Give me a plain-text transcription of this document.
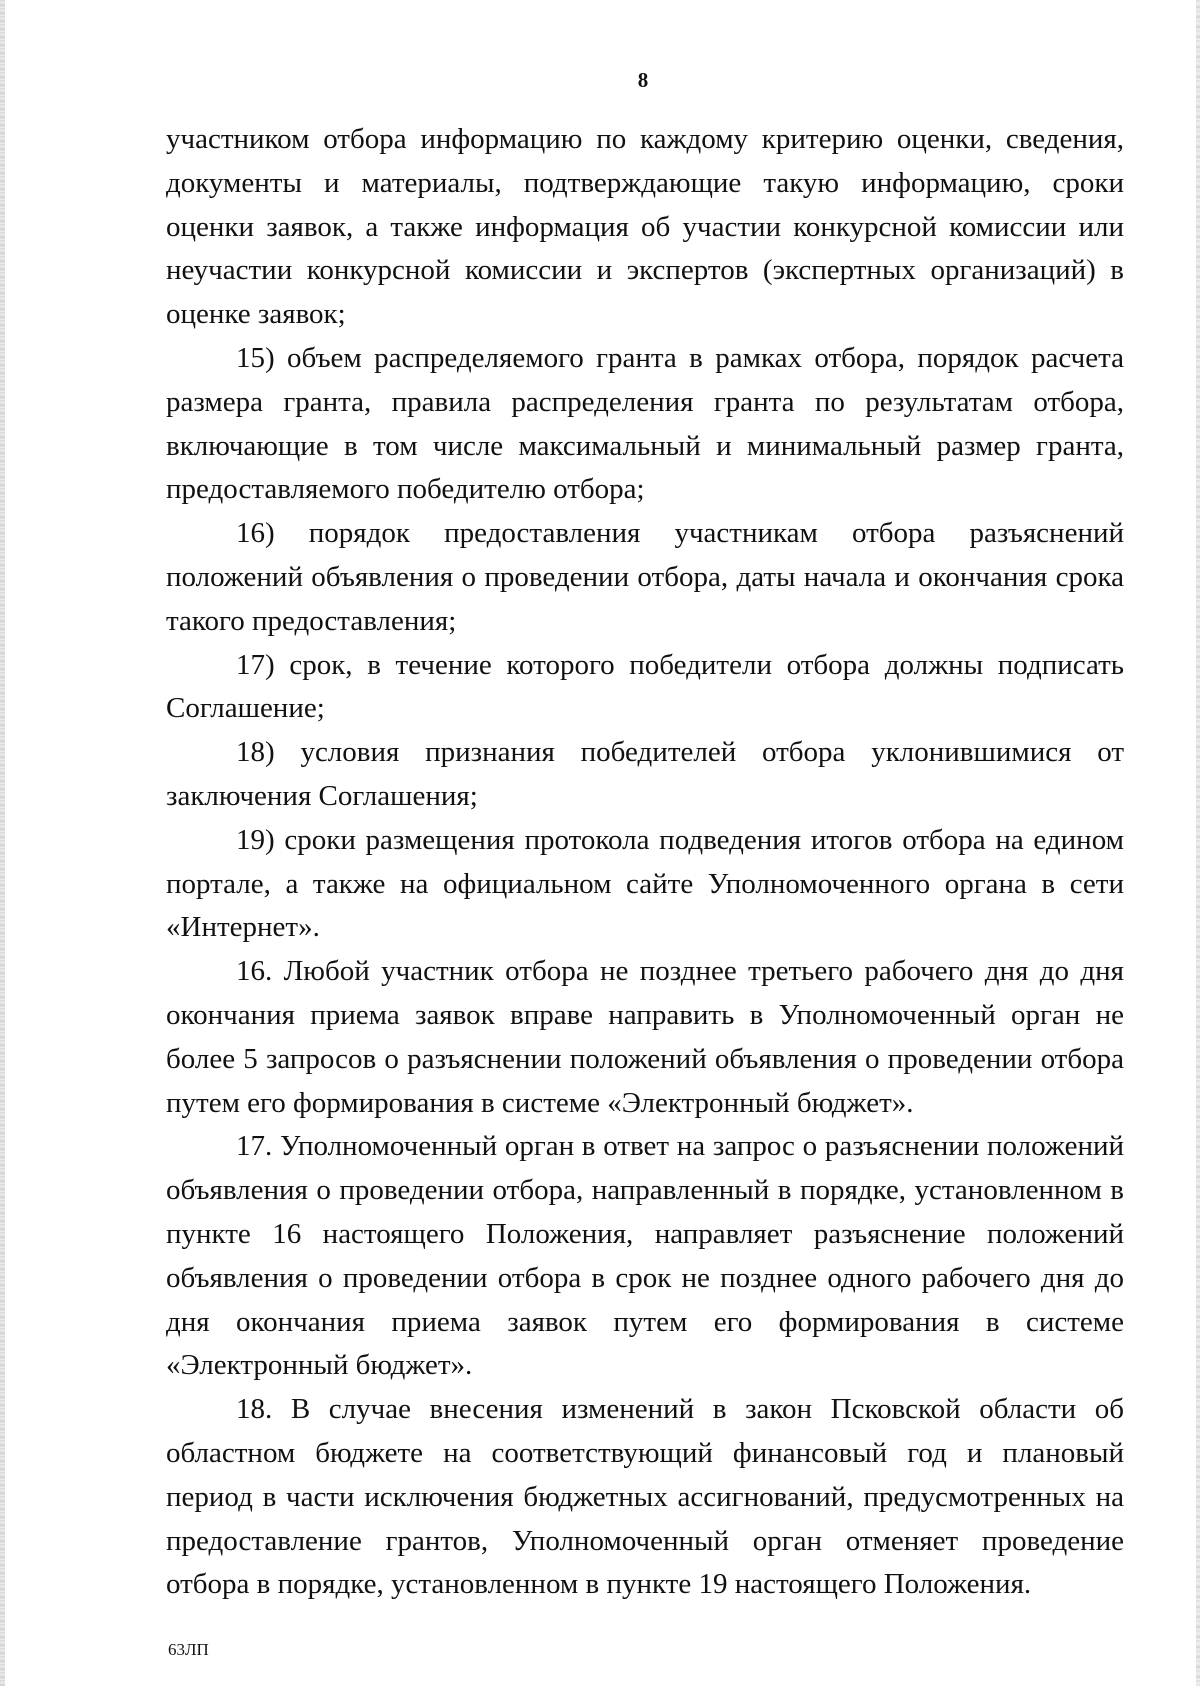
8

участником отбора информацию по каждому критерию оценки, сведения, документы и материалы, подтверждающие такую информацию, сроки оценки заявок, а также информация об участии конкурсной комиссии или неучастии конкурсной комиссии и экспертов (экспертных организаций) в оценке заявок;

15) объем распределяемого гранта в рамках отбора, порядок расчета размера гранта, правила распределения гранта по результатам отбора, включающие в том числе максимальный и минимальный размер гранта, предоставляемого победителю отбора;

16) порядок предоставления участникам отбора разъяснений положений объявления о проведении отбора, даты начала и окончания срока такого предоставления;

17) срок, в течение которого победители отбора должны подписать Соглашение;

18) условия признания победителей отбора уклонившимися от заключения Соглашения;

19) сроки размещения протокола подведения итогов отбора на едином портале, а также на официальном сайте Уполномоченного органа в сети «Интернет».

16. Любой участник отбора не позднее третьего рабочего дня до дня окончания приема заявок вправе направить в Уполномоченный орган не более 5 запросов о разъяснении положений объявления о проведении отбора путем его формирования в системе «Электронный бюджет».

17. Уполномоченный орган в ответ на запрос о разъяснении положений объявления о проведении отбора, направленный в порядке, установленном в пункте 16 настоящего Положения, направляет разъяснение положений объявления о проведении отбора в срок не позднее одного рабочего дня до дня окончания приема заявок путем его формирования в системе «Электронный бюджет».

18. В случае внесения изменений в закон Псковской области об областном бюджете на соответствующий финансовый год и плановый период в части исключения бюджетных ассигнований, предусмотренных на предоставление грантов, Уполномоченный орган отменяет проведение отбора в порядке, установленном в пункте 19 настоящего Положения.

63ЛП
